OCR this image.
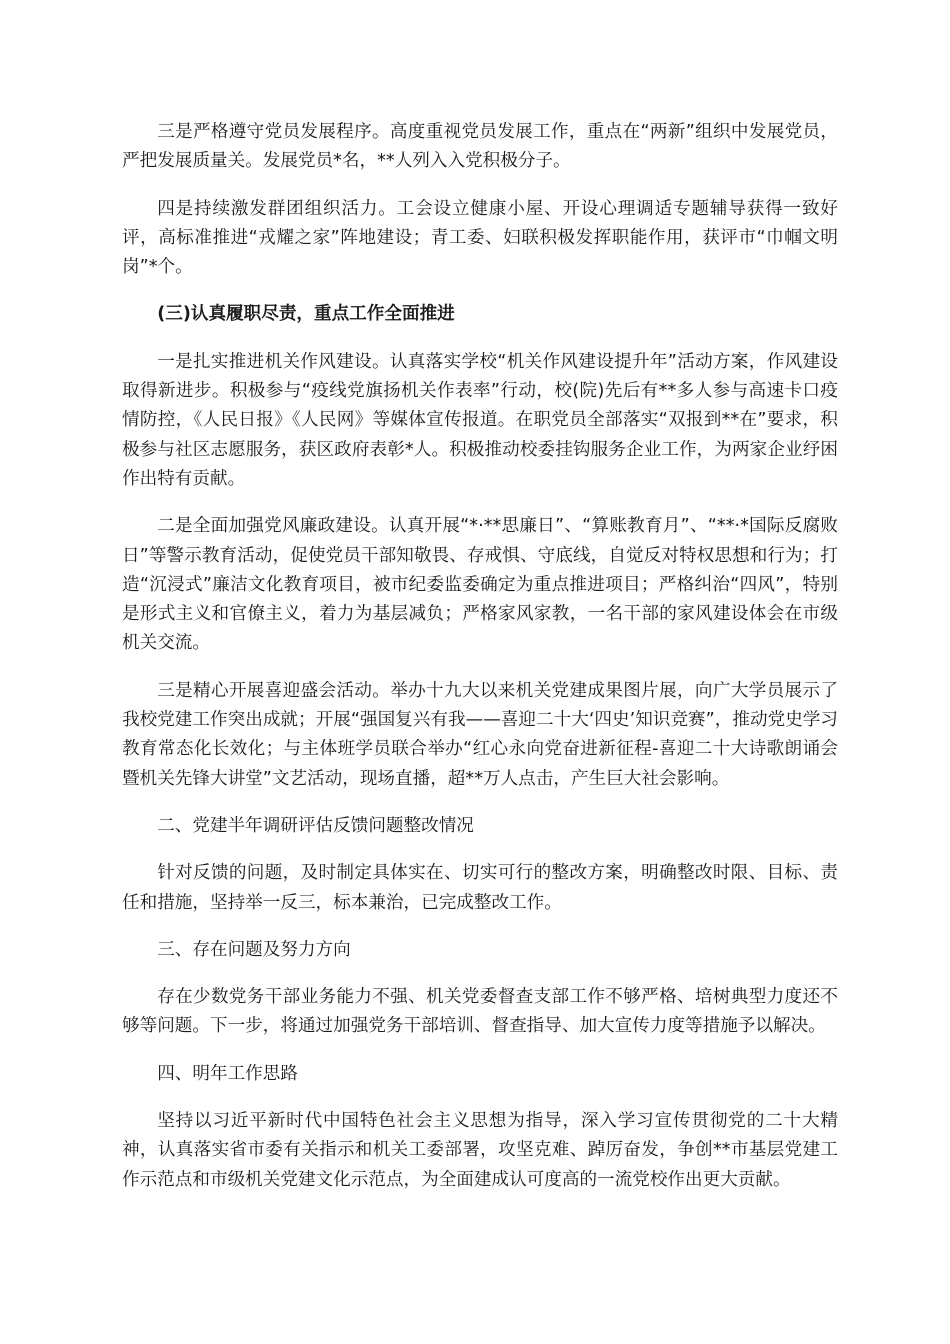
三是严格遵守党员发展程序。高度重视党员发展工作，重点在“两新”组织中发展党员，严把发展质量关。发展党员*名，**人列入入党积极分子。

四是持续激发群团组织活力。工会设立健康小屋、开设心理调适专题辅导获得一致好评，高标准推进“戎耀之家”阵地建设；青工委、妇联积极发挥职能作用，获评市“巾帼文明岗”*个。

(三)认真履职尽责，重点工作全面推进

一是扎实推进机关作风建设。认真落实学校“机关作风建设提升年”活动方案，作风建设取得新进步。积极参与“疫线党旗扬机关作表率”行动，校(院)先后有**多人参与高速卡口疫情防控，《人民日报》《人民网》等媒体宣传报道。在职党员全部落实“双报到**在”要求，积极参与社区志愿服务，获区政府表彰*人。积极推动校委挂钩服务企业工作，为两家企业纾困作出特有贡献。

二是全面加强党风廉政建设。认真开展“*·**思廉日”、“算账教育月”、“**·*国际反腐败日”等警示教育活动，促使党员干部知敬畏、存戒惧、守底线，自觉反对特权思想和行为；打造“沉浸式”廉洁文化教育项目，被市纪委监委确定为重点推进项目；严格纠治“四风”，特别是形式主义和官僚主义，着力为基层减负；严格家风家教，一名干部的家风建设体会在市级机关交流。

三是精心开展喜迎盛会活动。举办十九大以来机关党建成果图片展，向广大学员展示了我校党建工作突出成就；开展“强国复兴有我——喜迎二十大‘四史’知识竞赛”，推动党史学习教育常态化长效化；与主体班学员联合举办“红心永向党奋进新征程-喜迎二十大诗歌朗诵会暨机关先锋大讲堂”文艺活动，现场直播，超**万人点击，产生巨大社会影响。

二、党建半年调研评估反馈问题整改情况

针对反馈的问题，及时制定具体实在、切实可行的整改方案，明确整改时限、目标、责任和措施，坚持举一反三，标本兼治，已完成整改工作。

三、存在问题及努力方向

存在少数党务干部业务能力不强、机关党委督查支部工作不够严格、培树典型力度还不够等问题。下一步，将通过加强党务干部培训、督查指导、加大宣传力度等措施予以解决。

四、明年工作思路

坚持以习近平新时代中国特色社会主义思想为指导，深入学习宣传贯彻党的二十大精神，认真落实省市委有关指示和机关工委部署，攻坚克难、踔厉奋发，争创**市基层党建工作示范点和市级机关党建文化示范点，为全面建成认可度高的一流党校作出更大贡献。
